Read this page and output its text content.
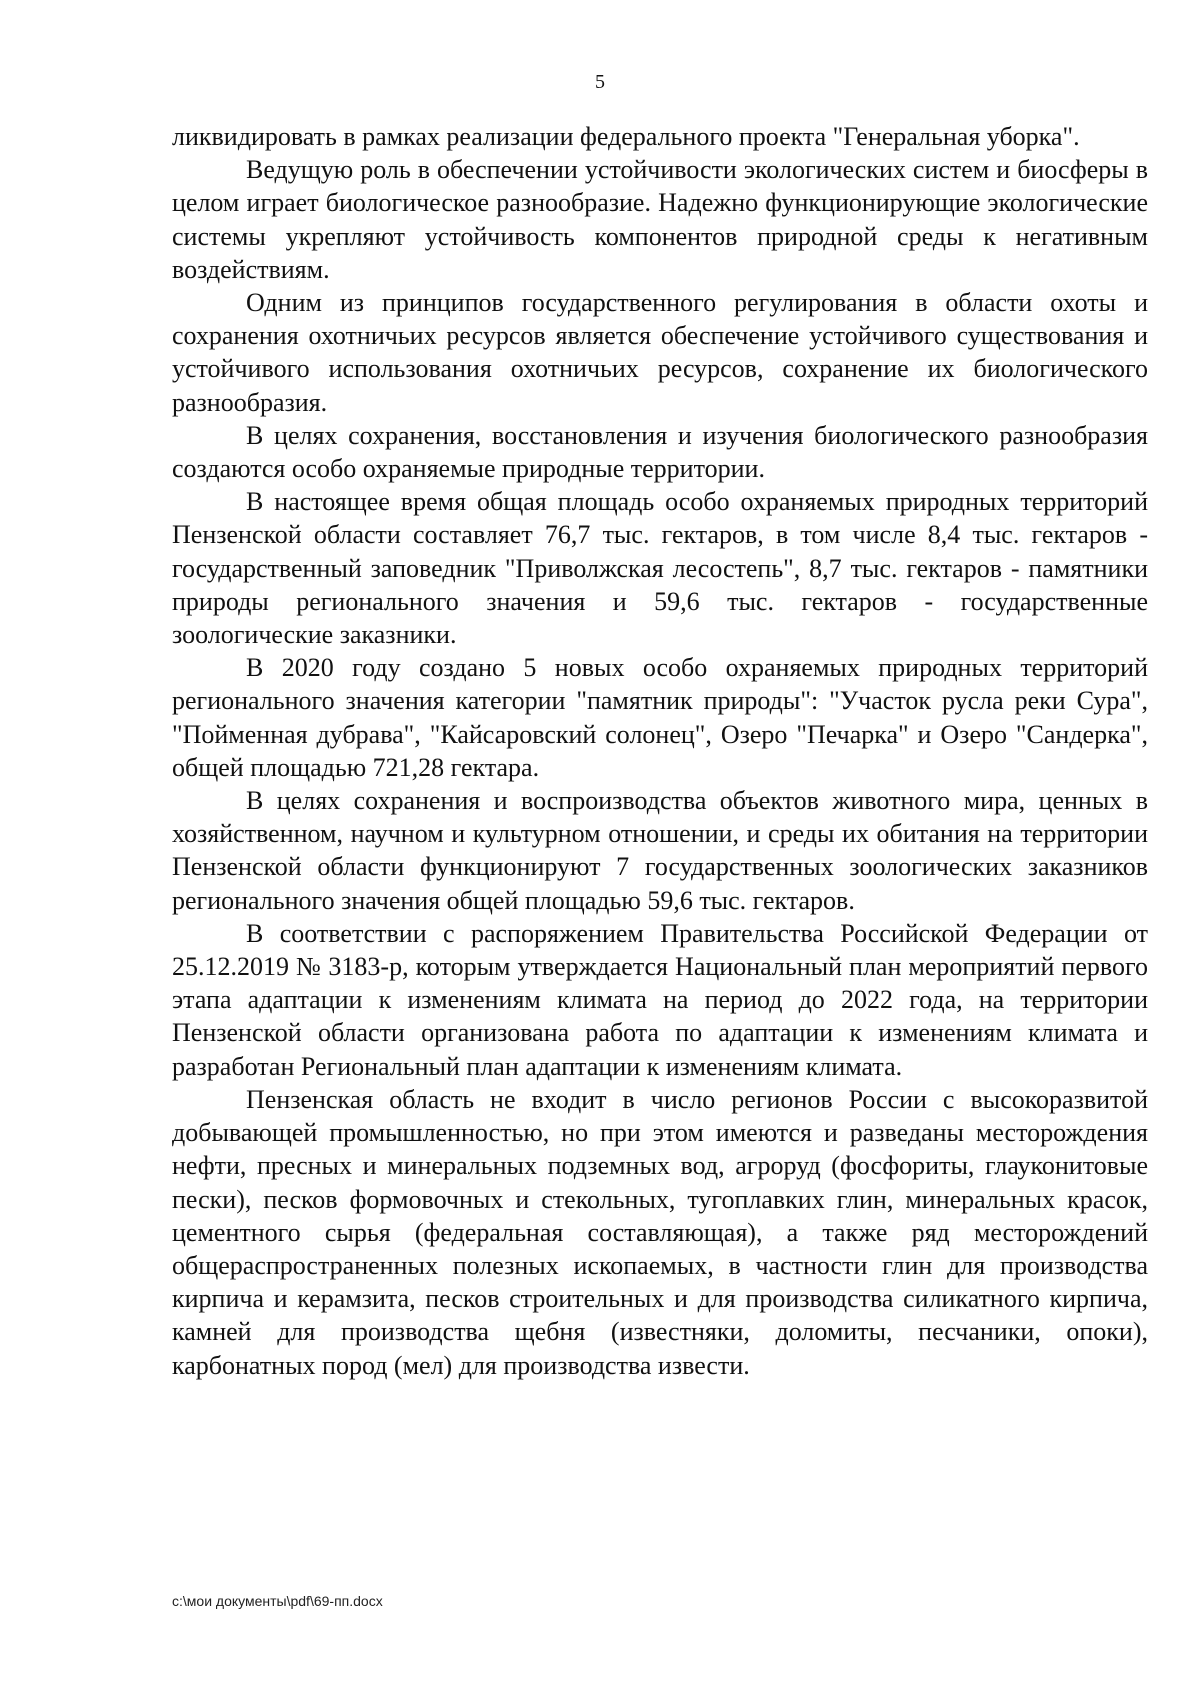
5

ликвидировать в рамках реализации федерального проекта "Генеральная уборка".

Ведущую роль в обеспечении устойчивости экологических систем и биосферы в целом играет биологическое разнообразие. Надежно функционирующие экологические системы укрепляют устойчивость компонентов природной среды к негативным воздействиям.

Одним из принципов государственного регулирования в области охоты и сохранения охотничьих ресурсов является обеспечение устойчивого существования и устойчивого использования охотничьих ресурсов, сохранение их биологического разнообразия.

В целях сохранения, восстановления и изучения биологического разнообразия создаются особо охраняемые природные территории.

В настоящее время общая площадь особо охраняемых природных территорий Пензенской области составляет 76,7 тыс. гектаров, в том числе 8,4 тыс. гектаров - государственный заповедник "Приволжская лесостепь", 8,7 тыс. гектаров - памятники природы регионального значения и 59,6 тыс. гектаров - государственные зоологические заказники.

В 2020 году создано 5 новых особо охраняемых природных территорий регионального значения категории "памятник природы": "Участок русла реки Сура", "Пойменная дубрава", "Кайсаровский солонец", Озеро "Печарка" и Озеро "Сандерка", общей площадью 721,28 гектара.

В целях сохранения и воспроизводства объектов животного мира, ценных в хозяйственном, научном и культурном отношении, и среды их обитания на территории Пензенской области функционируют 7 государственных зоологических заказников регионального значения общей площадью 59,6 тыс. гектаров.

В соответствии с распоряжением Правительства Российской Федерации от 25.12.2019 № 3183-р, которым утверждается Национальный план мероприятий первого этапа адаптации к изменениям климата на период до 2022 года, на территории Пензенской области организована работа по адаптации к изменениям климата и разработан Региональный план адаптации к изменениям климата.

Пензенская область не входит в число регионов России с высокоразвитой добывающей промышленностью, но при этом имеются и разведаны месторождения нефти, пресных и минеральных подземных вод, агроруд (фосфориты, глауконитовые пески), песков формовочных и стекольных, тугоплавких глин, минеральных красок, цементного сырья (федеральная составляющая), а также ряд месторождений общераспространенных полезных ископаемых, в частности глин для производства кирпича и керамзита, песков строительных и для производства силикатного кирпича, камней для производства щебня (известняки, доломиты, песчаники, опоки), карбонатных пород (мел) для производства извести.

c:\мои документы\pdf\69-пп.docx
